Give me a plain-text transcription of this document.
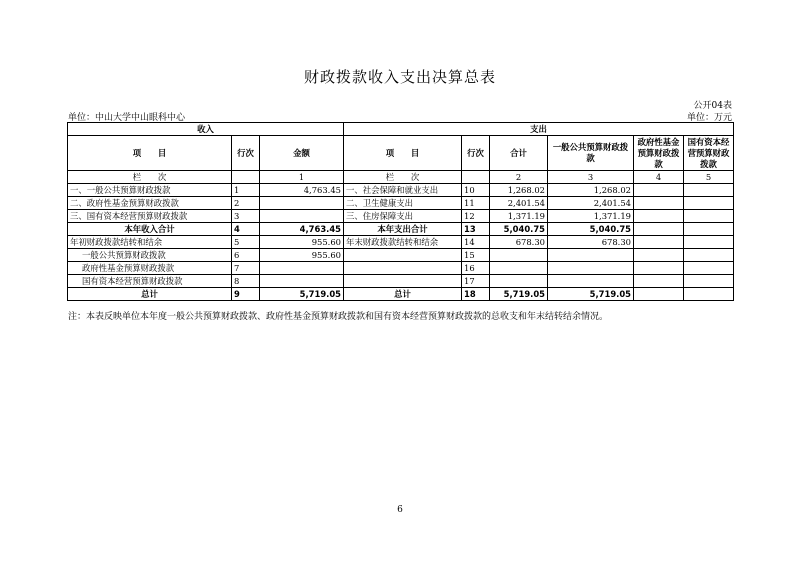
财政拨款收入支出决算总表
公开04表
单位：中山大学中山眼科中心	单位：万元
收入			支出					
项　　目	行次	金额	项　　目	行次	合计	一般公共预算财政拨款	政府性基金预算财政拨款	国有资本经营预算财政拨款
栏　　次		1	栏　　次		2	3	4	5
一、一般公共预算财政拨款	1	4,763.45	一、社会保障和就业支出	10	1,268.02	1,268.02		
二、政府性基金预算财政拨款	2		二、卫生健康支出	11	2,401.54	2,401.54		
三、国有资本经营预算财政拨款	3		三、住房保障支出	12	1,371.19	1,371.19		
本年收入合计	4	4,763.45	本年支出合计	13	5,040.75	5,040.75		
年初财政拨款结转和结余	5	955.60	年末财政拨款结转和结余	14	678.30	678.30		
一般公共预算财政拨款	6	955.60		15				
政府性基金预算财政拨款	7			16				
国有资本经营预算财政拨款	8			17				
总计	9	5,719.05	总计	18	5,719.05	5,719.05		
注：本表反映单位本年度一般公共预算财政拨款、政府性基金预算财政拨款和国有资本经营预算财政拨款的总收支和年末结转结余情况。
6
